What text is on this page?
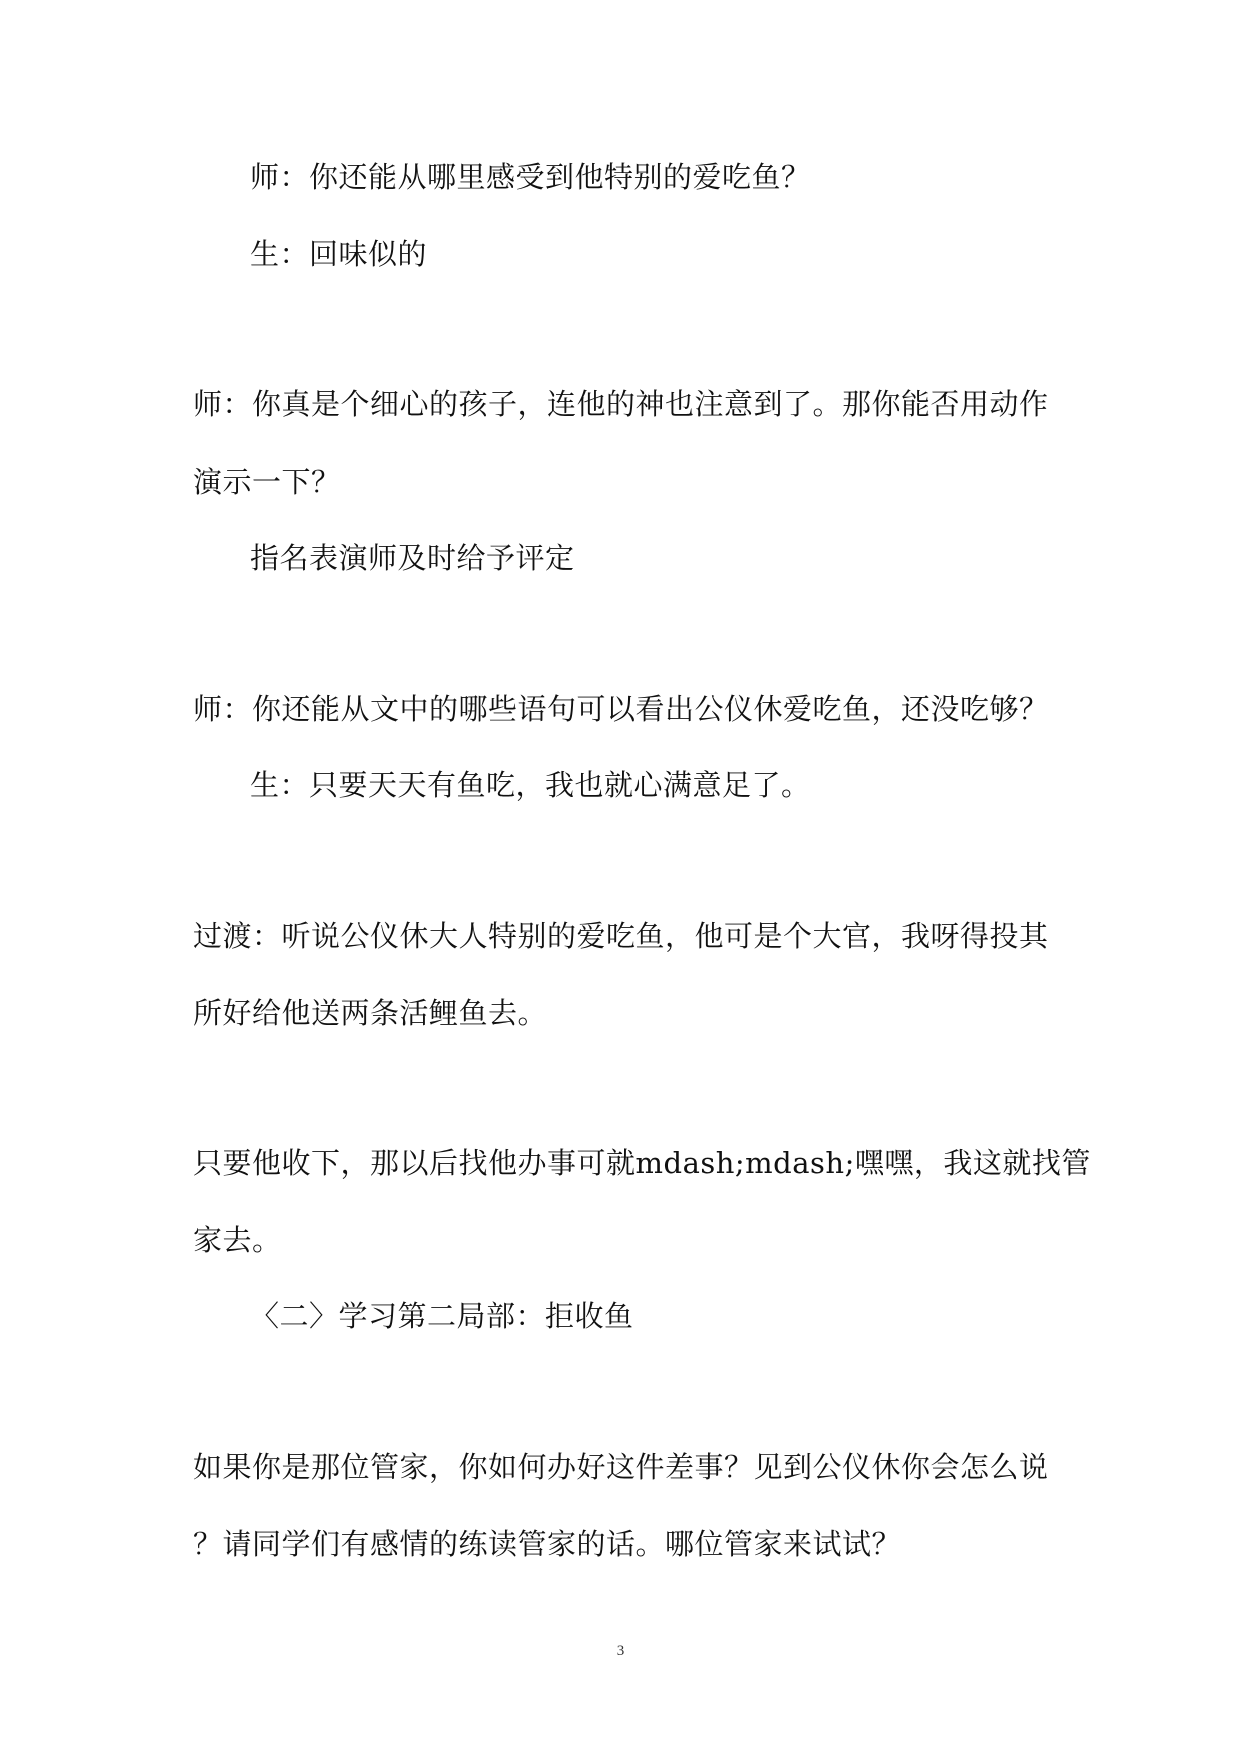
师：你还能从哪里感受到他特别的爱吃鱼？
生：回味似的
师：你真是个细心的孩子，连他的神也注意到了。那你能否用动作
演示一下？
指名表演师及时给予评定
师：你还能从文中的哪些语句可以看出公仪休爱吃鱼，还没吃够？
生：只要天天有鱼吃，我也就心满意足了。
过渡：听说公仪休大人特别的爱吃鱼，他可是个大官，我呀得投其
所好给他送两条活鲤鱼去。
只要他收下，那以后找他办事可就mdash;mdash;嘿嘿，我这就找管
家去。
〈二〉学习第二局部：拒收鱼
如果你是那位管家，你如何办好这件差事？见到公仪休你会怎么说
？请同学们有感情的练读管家的话。哪位管家来试试？
3
